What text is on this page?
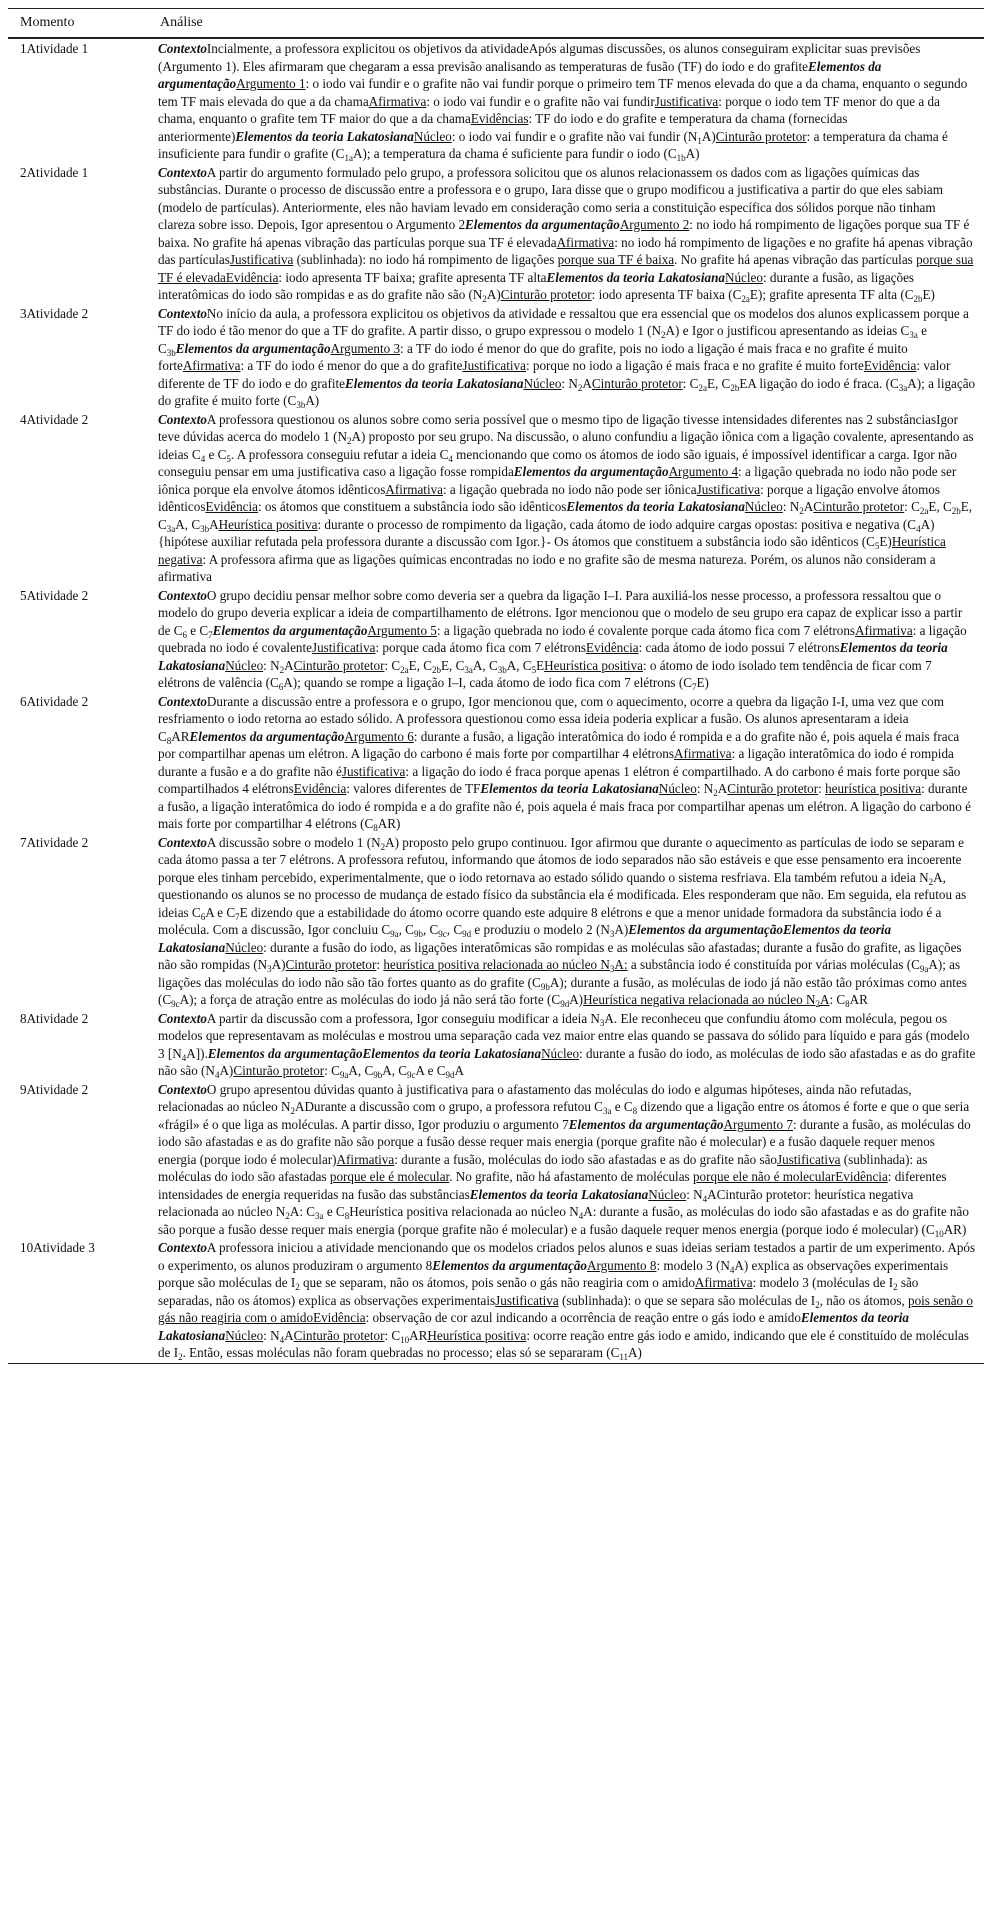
Momento	Análise
1Atividade 1	ContextoIncialmente, a professora explicitou os objetivos da atividadeApós algumas discussões, os alunos conseguiram explicitar suas previsões (Argumento 1). Eles afirmaram que chegaram a essa previsão analisando as temperaturas de fusão (TF) do iodo e do grafiteElementos da argumentaçãoArgumento 1: o iodo vai fundir e o grafite não vai fundir porque o primeiro tem TF menos elevada do que a da chama, enquanto o segundo tem TF mais elevada do que a da chamaAfirmativa: o iodo vai fundir e o grafite não vai fundirJustificativa: porque o iodo tem TF menor do que a da chama, enquanto o grafite tem TF maior do que a da chamaEvidências: TF do iodo e do grafite e temperatura da chama (fornecidas anteriormente)Elementos da teoria LakatosianaNúcleo: o iodo vai fundir e o grafite não vai fundir $(N_1A)Cinturão$ protetor: a temperatura da chama é insuficiente para fundir o grafite $(C_{1a}A)$; a temperatura da chama é suficiente para fundir o iodo $(C_{1b}A)$
2Atividade 1	ContextoA partir do argumento formulado pelo grupo, a professora solicitou que os alunos relacionassem os dados com as ligações químicas das substâncias. Durante o processo de discussão entre a professora e o grupo, Iara disse que o grupo modificou a justificativa a partir do que eles sabiam (modelo de partículas). Anteriormente, eles não haviam levado em consideração como seria a constituição específica dos sólidos porque não tinham clareza sobre isso. Depois, Igor apresentou o Argumento 2Elementos da argumentaçãoArgumento 2: no iodo há rompimento de ligações porque sua TF é baixa. No grafite há apenas vibração das partículas porque sua TF é elevadaAfirmativa: no iodo há rompimento de ligações e no grafite há apenas vibração das partículasJustificativa (sublinhada): no iodo há rompimento de ligações porque sua TF é baixa. No grafite há apenas vibração das partículas porque sua TF é elevadaEvidência: iodo apresenta TF baixa; grafite apresenta TF altaElementos da teoria LakatosianaNúcleo: durante a fusão, as ligações interatômicas do iodo são rompidas e as do grafite não são $(N_2A)Cinturão$ protetor: iodo apresenta TF baixa $(C_{2a}E)$; grafite apresenta TF alta $(C_{2b}E)$
3Atividade 2	ContextoNo início da aula, a professora explicitou os objetivos da atividade e ressaltou que era essencial que os modelos dos alunos explicassem porque a TF do iodo é tão menor do que a TF do grafite. A partir disso, o grupo expressou o modelo 1 $(N_2A)$ e Igor o justificou apresentando as ideias $C_{3a}$ e $C_{3b}Elementos$ da argumentaçãoArgumento 3: a TF do iodo é menor do que do grafite, pois no iodo a ligação é mais fraca e no grafite é muito forteAfirmativa: a TF do iodo é menor do que a do grafiteJustificativa: porque no iodo a ligação é mais fraca e no grafite é muito forteEvidência: valor diferente de TF do iodo e do grafiteElementos da teoria LakatosianaNúcleo: $N_2ACinturão$ protetor: $C_{2a}E$, $C_{2b}EA$ ligação do iodo é fraca. $(C_{3a}A)$; a ligação do grafite é muito forte $(C_{3b}A)$
4Atividade 2	ContextoA professora questionou os alunos sobre como seria possível que o mesmo tipo de ligação tivesse intensidades diferentes nas 2 substânciasIgor teve dúvidas acerca do modelo 1 $(N_2A)$ proposto por seu grupo. Na discussão, o aluno confundiu a ligação iônica com a ligação covalente, apresentando as ideias $C_4$ e $C_5$. A professora conseguiu refutar a ideia $C_4$ mencionando que como os átomos de iodo são iguais, é impossível identificar a carga. Igor não conseguiu pensar em uma justificativa caso a ligação fosse rompidaElementos da argumentaçãoArgumento 4: a ligação quebrada no iodo não pode ser iônica porque ela envolve átomos idênticosAfirmativa: a ligação quebrada no iodo não pode ser iônicaJustificativa: porque a ligação envolve átomos idênticosEvidência: os átomos que constituem a substância iodo são idênticosElementos da teoria LakatosianaNúcleo: $N_2ACinturão$ protetor: $C_{2a}E$, $C_{2b}E$, $C_{3a}A$, $C_{3b}AHeurística$ positiva: durante o processo de rompimento da ligação, cada átomo de iodo adquire cargas opostas: positiva e negativa $(C_4A)$ {hipótese auxiliar refutada pela professora durante a discussão com Igor.}- Os átomos que constituem a substância iodo são idênticos $(C_5E)Heurística$ negativa: A professora afirma que as ligações químicas encontradas no iodo e no grafite são de mesma natureza. Porém, os alunos não consideram a afirmativa
5Atividade 2	ContextoO grupo decidiu pensar melhor sobre como deveria ser a quebra da ligação I–I. Para auxiliá-los nesse processo, a professora ressaltou que o modelo do grupo deveria explicar a ideia de compartilhamento de elétrons. Igor mencionou que o modelo de seu grupo era capaz de explicar isso a partir de $C_6$ e $C_7Elementos$ da argumentaçãoArgumento 5: a ligação quebrada no iodo é covalente porque cada átomo fica com 7 elétronsAfirmativa: a ligação quebrada no iodo é covalenteJustificativa: porque cada átomo fica com 7 elétronsEvidência: cada átomo de iodo possui 7 elétronsElementos da teoria LakatosianaNúcleo: $N_2ACinturão$ protetor: $C_{2a}E$, $C_{2b}E$, $C_{3a}A$, $C_{3b}A$, $C_5EHeurística$ positiva: o átomo de iodo isolado tem tendência de ficar com 7 elétrons de valência $(C_6A)$; quando se rompe a ligação I–I, cada átomo de iodo fica com 7 elétrons $(C_7E)$
6Atividade 2	ContextoDurante a discussão entre a professora e o grupo, Igor mencionou que, com o aquecimento, ocorre a quebra da ligação I-I, uma vez que com resfriamento o iodo retorna ao estado sólido. A professora questionou como essa ideia poderia explicar a fusão. Os alunos apresentaram a ideia $C_8ARElementos$ da argumentaçãoArgumento 6: durante a fusão, a ligação interatômica do iodo é rompida e a do grafite não é, pois aquela é mais fraca por compartilhar apenas um elétron. A ligação do carbono é mais forte por compartilhar 4 elétronsAfirmativa: a ligação interatômica do iodo é rompida durante a fusão e a do grafite não éJustificativa: a ligação do iodo é fraca porque apenas 1 elétron é compartilhado. A do carbono é mais forte porque são compartilhados 4 elétronsEvidência: valores diferentes de TFElementos da teoria LakatosianaNúcleo: $N_2ACinturão$ protetor: heurística positiva: durante a fusão, a ligação interatômica do iodo é rompida e a do grafite não é, pois aquela é mais fraca por compartilhar apenas um elétron. A ligação do carbono é mais forte por compartilhar 4 elétrons $(C_8AR)$
7Atividade 2	ContextoA discussão sobre o modelo 1 $(N_2A)$ proposto pelo grupo continuou. Igor afirmou que durante o aquecimento as partículas de iodo se separam e cada átomo passa a ter 7 elétrons. A professora refutou, informando que átomos de iodo separados não são estáveis e que esse pensamento era incoerente porque eles tinham percebido, experimentalmente, que o iodo retornava ao estado sólido quando o sistema resfriava. Ela também refutou a ideia $N_2A$, questionando os alunos se no processo de mudança de estado físico da substância ela é modificada. Eles responderam que não. Em seguida, ela refutou as ideias $C_6A$ e $C_7E$ dizendo que a estabilidade do átomo ocorre quando este adquire 8 elétrons e que a menor unidade formadora da substância iodo é a molécula. Com a discussão, Igor concluiu $C_{9a}$, $C_{9b}$, $C_{9c}$, $C_{9d}$ e produziu o modelo 2 $(N_3A)Elementos$ da argumentaçãoElementos da teoria LakatosianaNúcleo: durante a fusão do iodo, as ligações interatômicas são rompidas e as moléculas são afastadas; durante a fusão do grafite, as ligações não são rompidas $(N_3A)Cinturão$ protetor: heurística positiva relacionada ao núcleo $N_3A$: a substância iodo é constituída por várias moléculas $(C_{9a}A)$; as ligações das moléculas do iodo não são tão fortes quanto as do grafite $(C_{9b}A)$; durante a fusão, as moléculas de iodo já não estão tão próximas como antes $(C_{9c}A)$; a força de atração entre as moléculas do iodo já não será tão forte $(C_{9d}A)Heurística$ negativa relacionada ao núcleo $N_2A$: $C_8AR$
8Atividade 2	ContextoA partir da discussão com a professora, Igor conseguiu modificar a ideia $N_3A$. Ele reconheceu que confundiu átomo com molécula, pegou os modelos que representavam as moléculas e mostrou uma separação cada vez maior entre elas quando se passava do sólido para líquido e para gás (modelo 3 $[N_4A]).Elementos$ da argumentaçãoElementos da teoria LakatosianaNúcleo: durante a fusão do iodo, as moléculas de iodo são afastadas e as do grafite não são $(N_4A)Cinturão$ protetor: $C_{9a}A$, $C_{9b}A$, $C_{9c}A$ e $C_{9d}A$
9Atividade 2	ContextoO grupo apresentou dúvidas quanto à justificativa para o afastamento das moléculas do iodo e algumas hipóteses, ainda não refutadas, relacionadas ao núcleo $N_2ADurante$ a discussão com o grupo, a professora refutou $C_{3a}$ e $C_8$ dizendo que a ligação entre os átomos é forte e que o que seria «frágil» é o que liga as moléculas. A partir disso, Igor produziu o argumento 7Elementos da argumentaçãoArgumento 7: durante a fusão, as moléculas do iodo são afastadas e as do grafite não são porque a fusão desse requer mais energia (porque grafite não é molecular) e a fusão daquele requer menos energia (porque iodo é molecular)Afirmativa: durante a fusão, moléculas do iodo são afastadas e as do grafite não sãoJustificativa (sublinhada): as moléculas do iodo são afastadas porque ele é molecular. No grafite, não há afastamento de moléculas porque ele não é molecularEvidência: diferentes intensidades de energia requeridas na fusão das substânciasElementos da teoria LakatosianaNúcleo: $N_4ACinturão$ protetor: heurística negativa relacionada ao núcleo $N_2A$: $C_{3a}$ e $C_8Heurística$ positiva relacionada ao núcleo $N_4A$: durante a fusão, as moléculas do iodo são afastadas e as do grafite não são porque a fusão desse requer mais energia (porque grafite não é molecular) e a fusão daquele requer menos energia (porque iodo é molecular) $(C_{10}AR)$
10Atividade 3	ContextoA professora iniciou a atividade mencionando que os modelos criados pelos alunos e suas ideias seriam testados a partir de um experimento. Após o experimento, os alunos produziram o argumento 8Elementos da argumentaçãoArgumento 8: modelo 3 $(N_4A)$ explica as observações experimentais porque são moléculas de $I_2$ que se separam, não os átomos, pois senão o gás não reagiria com o amidoAfirmativa: modelo 3 (moléculas de $I_2$ são separadas, não os átomos) explica as observações experimentaisJustificativa (sublinhada): o que se separa são moléculas de $I_2$, não os átomos, pois senão o gás não reagiria com o amidoEvidência: observação de cor azul indicando a ocorrência de reação entre o gás iodo e amidoElementos da teoria LakatosianaNúcleo: $N_4ACinturão$ protetor: $C_{10}ARHeurística$ positiva: ocorre reação entre gás iodo e amido, indicando que ele é constituído de moléculas de $I_2$. Então, essas moléculas não foram quebradas no processo; elas só se separaram $(C_{11}A)$
